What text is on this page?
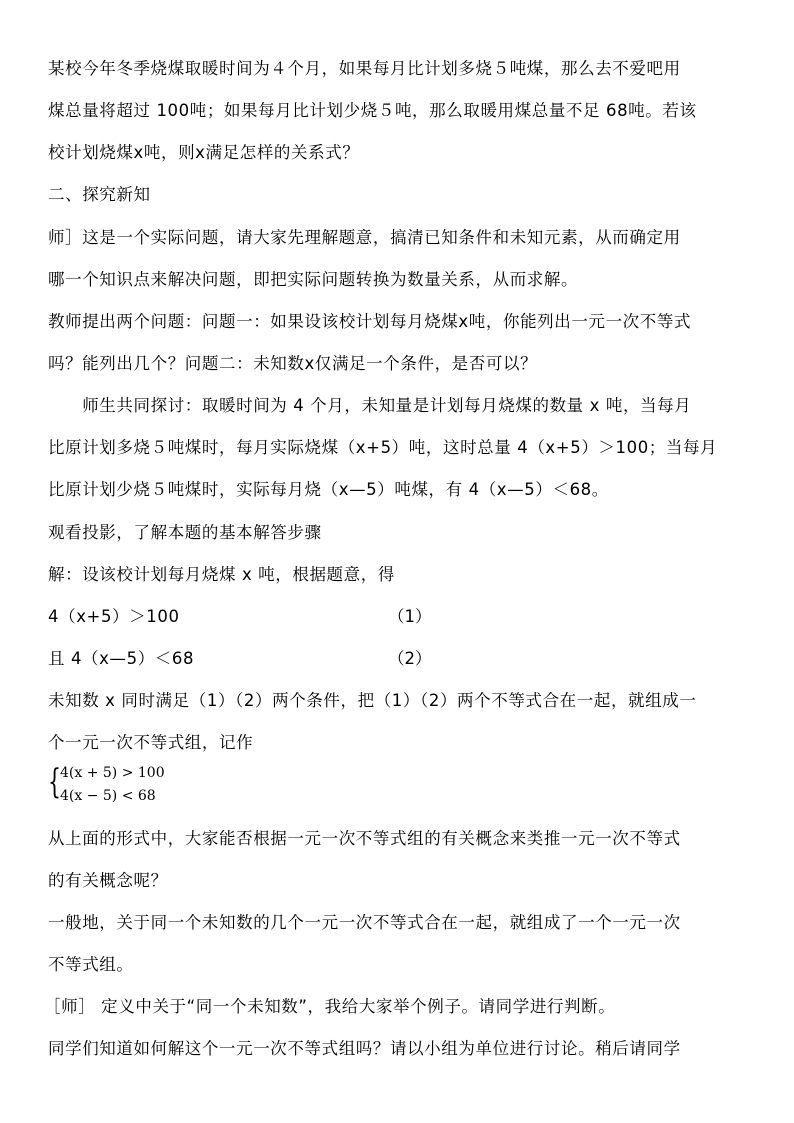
某校今年冬季烧煤取暖时间为４个月，如果每月比计划多烧５吨煤，那么去不爱吧用
煤总量将超过 100吨；如果每月比计划少烧５吨，那么取暖用煤总量不足 68吨。若该
校计划烧煤x吨，则x满足怎样的关系式？
二、探究新知
师］这是一个实际问题，请大家先理解题意，搞清已知条件和未知元素，从而确定用
哪一个知识点来解决问题，即把实际问题转换为数量关系，从而求解。
教师提出两个问题：问题一：如果设该校计划每月烧煤x吨，你能列出一元一次不等式
吗？能列出几个？问题二：未知数x仅满足一个条件，是否可以？
　　师生共同探讨：取暖时间为 4 个月，未知量是计划每月烧煤的数量 x 吨，当每月
比原计划多烧５吨煤时，每月实际烧煤（x+5）吨，这时总量 4（x+5）＞100；当每月
比原计划少烧５吨煤时，实际每月烧（x—5）吨煤，有 4（x—5）＜68。
观看投影，了解本题的基本解答步骤
解：设该校计划每月烧煤 x 吨，根据题意，得
4（x+5）＞100	（1）
且 4（x—5）＜68	（2）
未知数 x 同时满足（1）（2）两个条件，把（1）（2）两个不等式合在一起，就组成一
个一元一次不等式组，记作
{ 4(x + 5) > 100
4(x − 5) < 68
从上面的形式中，大家能否根据一元一次不等式组的有关概念来类推一元一次不等式
的有关概念呢？
一般地，关于同一个未知数的几个一元一次不等式合在一起，就组成了一个一元一次
不等式组。
［师］ 定义中关于“同一个未知数”，我给大家举个例子。请同学进行判断。
同学们知道如何解这个一元一次不等式组吗？请以小组为单位进行讨论。稍后请同学
